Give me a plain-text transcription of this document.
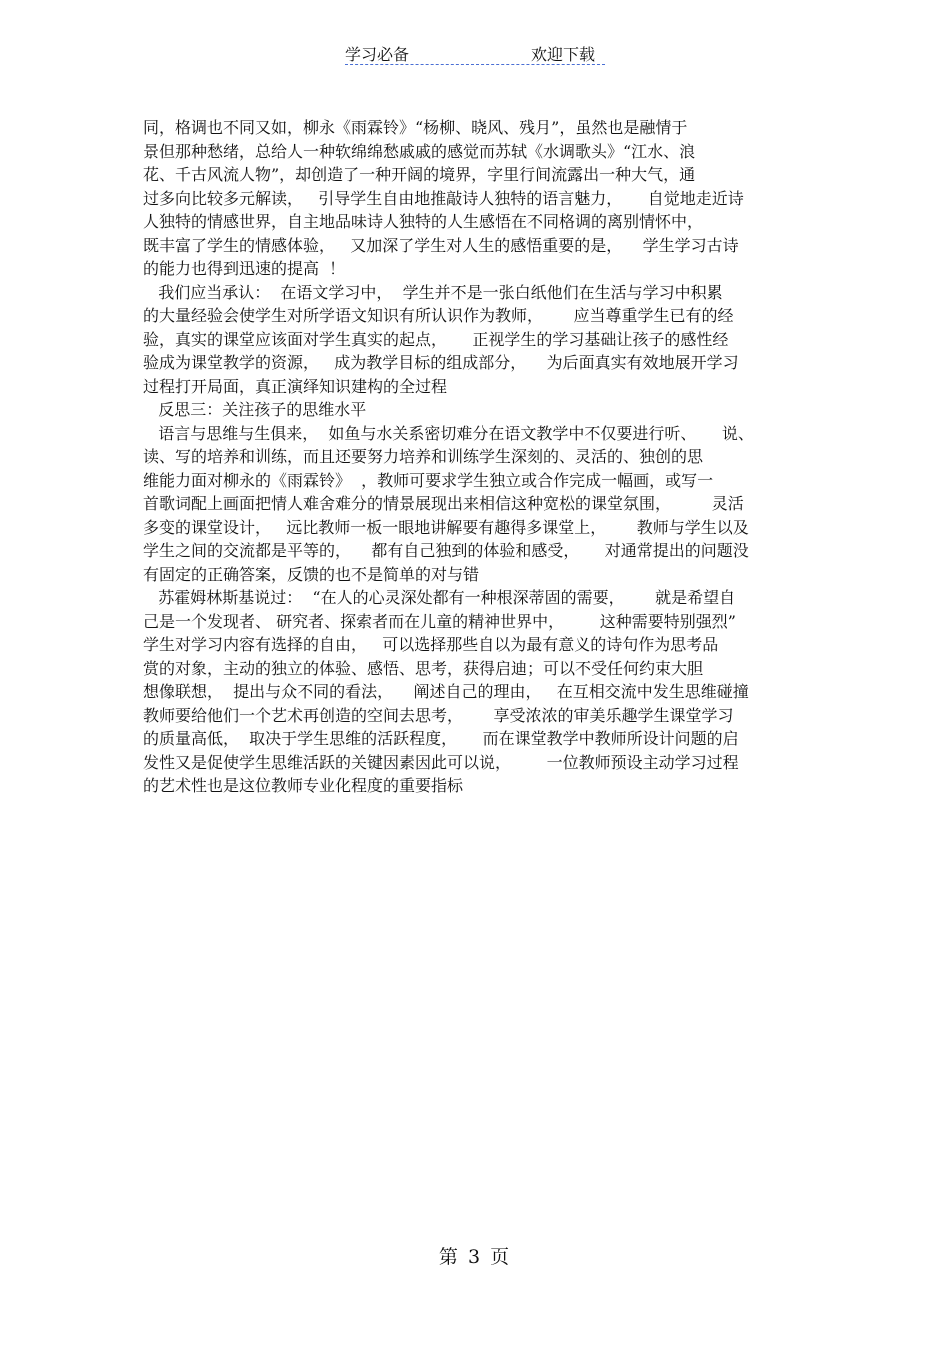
学习必备	欢迎下载
同，格调也不同又如，柳永《雨霖铃》“杨柳、晓风、残月”，虽然也是融情于
景但那种愁绪，总给人一种软绵绵愁戚戚的感觉而苏轼《水调歌头》“江水、浪
花、千古风流人物”，却创造了一种开阔的境界，字里行间流露出一种大气，通
过多向比较多元解读，   引导学生自由地推敲诗人独特的语言魅力，     自觉地走近诗
人独特的情感世界，自主地品味诗人独特的人生感悟在不同格调的离别情怀中，
既丰富了学生的情感体验，   又加深了学生对人生的感悟重要的是，    学生学习古诗
的能力也得到迅速的提高  ！
我们应当承认：  在语文学习中，  学生并不是一张白纸他们在生活与学习中积累
的大量经验会使学生对所学语文知识有所认识作为教师，      应当尊重学生已有的经
验，真实的课堂应该面对学生真实的起点，     正视学生的学习基础让孩子的感性经
验成为课堂教学的资源，   成为教学目标的组成部分，    为后面真实有效地展开学习
过程打开局面，真正演绎知识建构的全过程
反思三：关注孩子的思维水平
语言与思维与生俱来，  如鱼与水关系密切难分在语文教学中不仅要进行听、     说、
读、写的培养和训练，而且还要努力培养和训练学生深刻的、灵活的、独创的思
维能力面对柳永的《雨霖铃》  ，教师可要求学生独立或合作完成一幅画，或写一
首歌词配上画面把情人难舍难分的情景展现出来相信这种宽松的课堂氛围，        灵活
多变的课堂设计，   远比教师一板一眼地讲解要有趣得多课堂上，      教师与学生以及
学生之间的交流都是平等的，    都有自己独到的体验和感受，     对通常提出的问题没
有固定的正确答案，反馈的也不是简单的对与错
苏霍姆林斯基说过：  “在人的心灵深处都有一种根深蒂固的需要，      就是希望自
己是一个发现者、 研究者、探索者而在儿童的精神世界中，       这种需要特别强烈”
学生对学习内容有选择的自由，   可以选择那些自以为最有意义的诗句作为思考品
赏的对象，主动的独立的体验、感悟、思考，获得启迪；可以不受任何约束大胆
想像联想，  提出与众不同的看法，    阐述自己的理由，   在互相交流中发生思维碰撞
教师要给他们一个艺术再创造的空间去思考，      享受浓浓的审美乐趣学生课堂学习
的质量高低，  取决于学生思维的活跃程度，     而在课堂教学中教师所设计问题的启
发性又是促使学生思维活跃的关键因素因此可以说，       一位教师预设主动学习过程
的艺术性也是这位教师专业化程度的重要指标
第 3 页
